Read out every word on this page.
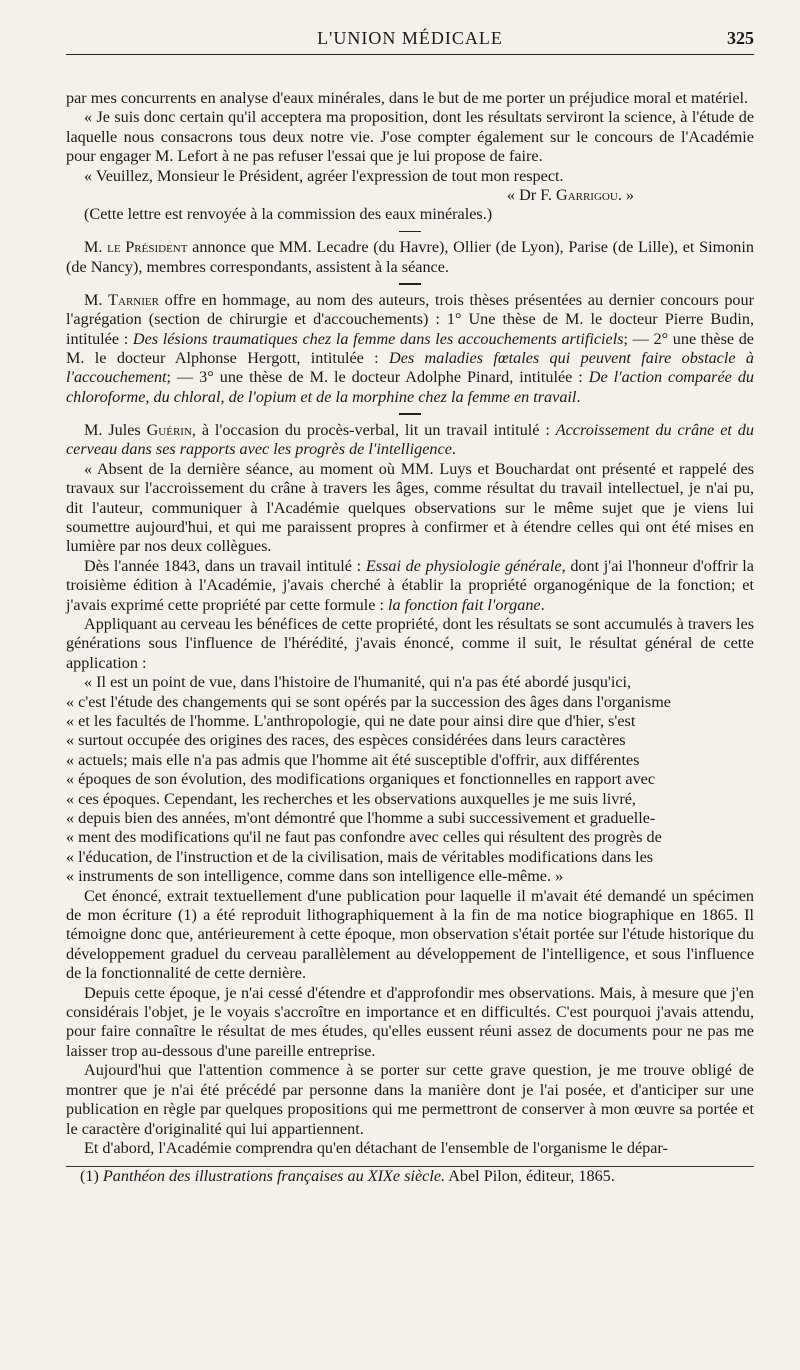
L'UNION MÉDICALE	325

par mes concurrents en analyse d'eaux minérales, dans le but de me porter un préjudice moral et matériel.

« Je suis donc certain qu'il acceptera ma proposition, dont les résultats serviront la science, à l'étude de laquelle nous consacrons tous deux notre vie. J'ose compter également sur le concours de l'Académie pour engager M. Lefort à ne pas refuser l'essai que je lui propose de faire.

« Veuillez, Monsieur le Président, agréer l'expression de tout mon respect.

« Dr F. Garrigou. »

(Cette lettre est renvoyée à la commission des eaux minérales.)

M. le Président annonce que MM. Lecadre (du Havre), Ollier (de Lyon), Parise (de Lille), et Simonin (de Nancy), membres correspondants, assistent à la séance.

M. Tarnier offre en hommage, au nom des auteurs, trois thèses présentées au dernier concours pour l'agrégation (section de chirurgie et d'accouchements) : 1° Une thèse de M. le docteur Pierre Budin, intitulée : Des lésions traumatiques chez la femme dans les accouchements artificiels; — 2° une thèse de M. le docteur Alphonse Hergott, intitulée : Des maladies fœtales qui peuvent faire obstacle à l'accouchement; — 3° une thèse de M. le docteur Adolphe Pinard, intitulée : De l'action comparée du chloroforme, du chloral, de l'opium et de la morphine chez la femme en travail.

M. Jules Guérin, à l'occasion du procès-verbal, lit un travail intitulé : Accroissement du crâne et du cerveau dans ses rapports avec les progrès de l'intelligence.

« Absent de la dernière séance, au moment où MM. Luys et Bouchardat ont présenté et rappelé des travaux sur l'accroissement du crâne à travers les âges, comme résultat du travail intellectuel, je n'ai pu, dit l'auteur, communiquer à l'Académie quelques observations sur le même sujet que je viens lui soumettre aujourd'hui, et qui me paraissent propres à confirmer et à étendre celles qui ont été mises en lumière par nos deux collègues.

Dès l'année 1843, dans un travail intitulé : Essai de physiologie générale, dont j'ai l'honneur d'offrir la troisième édition à l'Académie, j'avais cherché à établir la propriété organogénique de la fonction; et j'avais exprimé cette propriété par cette formule : la fonction fait l'organe.

Appliquant au cerveau les bénéfices de cette propriété, dont les résultats se sont accumulés à travers les générations sous l'influence de l'hérédité, j'avais énoncé, comme il suit, le résultat général de cette application :

« Il est un point de vue, dans l'histoire de l'humanité, qui n'a pas été abordé jusqu'ici,

« c'est l'étude des changements qui se sont opérés par la succession des âges dans l'organisme

« et les facultés de l'homme. L'anthropologie, qui ne date pour ainsi dire que d'hier, s'est

« surtout occupée des origines des races, des espèces considérées dans leurs caractères

« actuels; mais elle n'a pas admis que l'homme ait été susceptible d'offrir, aux différentes

« époques de son évolution, des modifications organiques et fonctionnelles en rapport avec

« ces époques. Cependant, les recherches et les observations auxquelles je me suis livré,

« depuis bien des années, m'ont démontré que l'homme a subi successivement et graduelle-

« ment des modifications qu'il ne faut pas confondre avec celles qui résultent des progrès de

« l'éducation, de l'instruction et de la civilisation, mais de véritables modifications dans les

« instruments de son intelligence, comme dans son intelligence elle-même. »

Cet énoncé, extrait textuellement d'une publication pour laquelle il m'avait été demandé un spécimen de mon écriture (1) a été reproduit lithographiquement à la fin de ma notice biographique en 1865. Il témoigne donc que, antérieurement à cette époque, mon observation s'était portée sur l'étude historique du développement graduel du cerveau parallèlement au développement de l'intelligence, et sous l'influence de la fonctionnalité de cette dernière.

Depuis cette époque, je n'ai cessé d'étendre et d'approfondir mes observations. Mais, à mesure que j'en considérais l'objet, je le voyais s'accroître en importance et en difficultés. C'est pourquoi j'avais attendu, pour faire connaître le résultat de mes études, qu'elles eussent réuni assez de documents pour ne pas me laisser trop au-dessous d'une pareille entreprise.

Aujourd'hui que l'attention commence à se porter sur cette grave question, je me trouve obligé de montrer que je n'ai été précédé par personne dans la manière dont je l'ai posée, et d'anticiper sur une publication en règle par quelques propositions qui me permettront de conserver à mon œuvre sa portée et le caractère d'originalité qui lui appartiennent.

Et d'abord, l'Académie comprendra qu'en détachant de l'ensemble de l'organisme le dépar-

(1) Panthéon des illustrations françaises au XIXe siècle. Abel Pilon, éditeur, 1865.
